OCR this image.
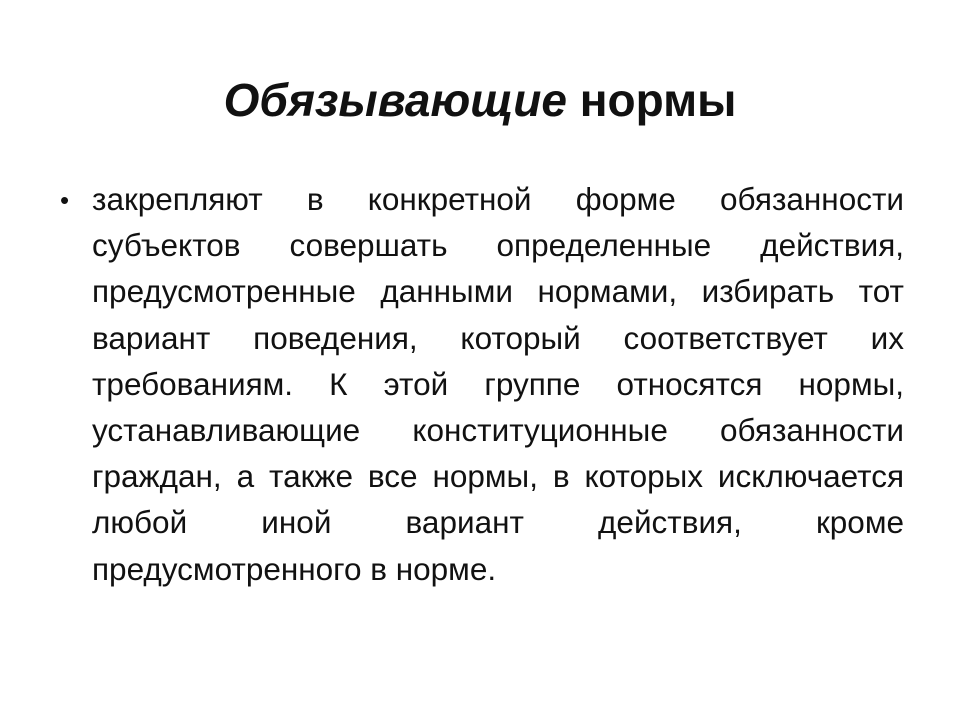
Обязывающие нормы
• закрепляют в конкретной форме обязанности субъектов совершать определенные действия, предусмотренные данными нормами, избирать тот вариант поведения, который соответствует их требованиям. К этой группе относятся нормы, устанавливающие конституционные обязанности граждан, а также все нормы, в которых исключается любой иной вариант действия, кроме предусмотренного в норме.
